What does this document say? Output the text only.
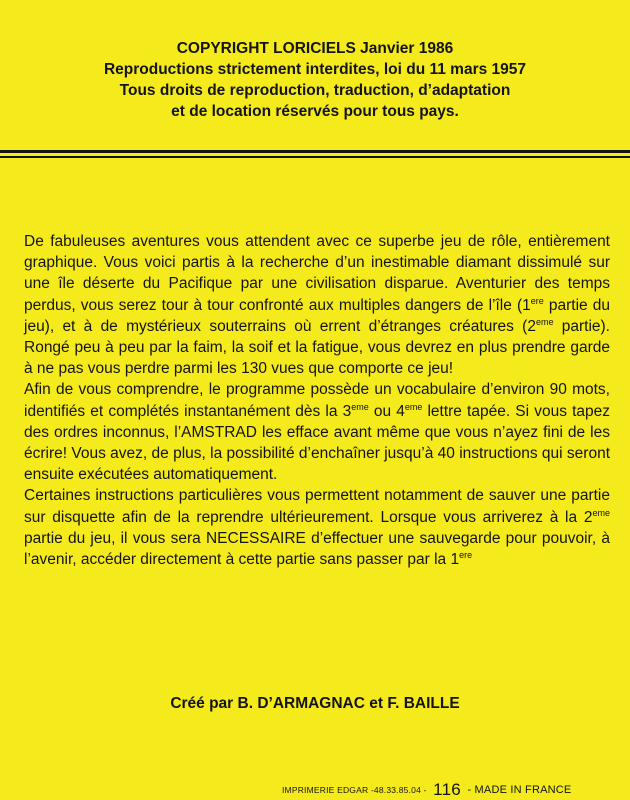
COPYRIGHT LORICIELS Janvier 1986
Reproductions strictement interdites, loi du 11 mars 1957
Tous droits de reproduction, traduction, d’adaptation
et de location réservés pour tous pays.

De fabuleuses aventures vous attendent avec ce superbe jeu de rôle, entièrement graphique. Vous voici partis à la recherche d’un inestimable diamant dissimulé sur une île déserte du Pacifique par une civilisation disparue. Aventurier des temps perdus, vous serez tour à tour confronté aux multiples dangers de l’île (1ere partie du jeu), et à de mystérieux souterrains où errent d’étranges créatures (2eme partie). Rongé peu à peu par la faim, la soif et la fatigue, vous devrez en plus prendre garde à ne pas vous perdre parmi les 130 vues que comporte ce jeu!

Afin de vous comprendre, le programme possède un vocabulaire d’environ 90 mots, identifiés et complétés instantanément dès la 3eme ou 4eme lettre tapée. Si vous tapez des ordres inconnus, l’AMSTRAD les efface avant même que vous n’ayez fini de les écrire! Vous avez, de plus, la possibilité d’enchaîner jusqu’à 40 instructions qui seront ensuite exécutées automatiquement.

Certaines instructions particulières vous permettent notamment de sauver une partie sur disquette afin de la reprendre ultérieurement. Lorsque vous arriverez à la 2eme partie du jeu, il vous sera NECESSAIRE d’effectuer une sauvegarde pour pouvoir, à l’avenir, accéder directement à cette partie sans passer par la 1ere

Créé par B. D’ARMAGNAC et F. BAILLE
IMPRIMERIE EDGAR -48.33.85.04 - 116 - MADE IN FRANCE
